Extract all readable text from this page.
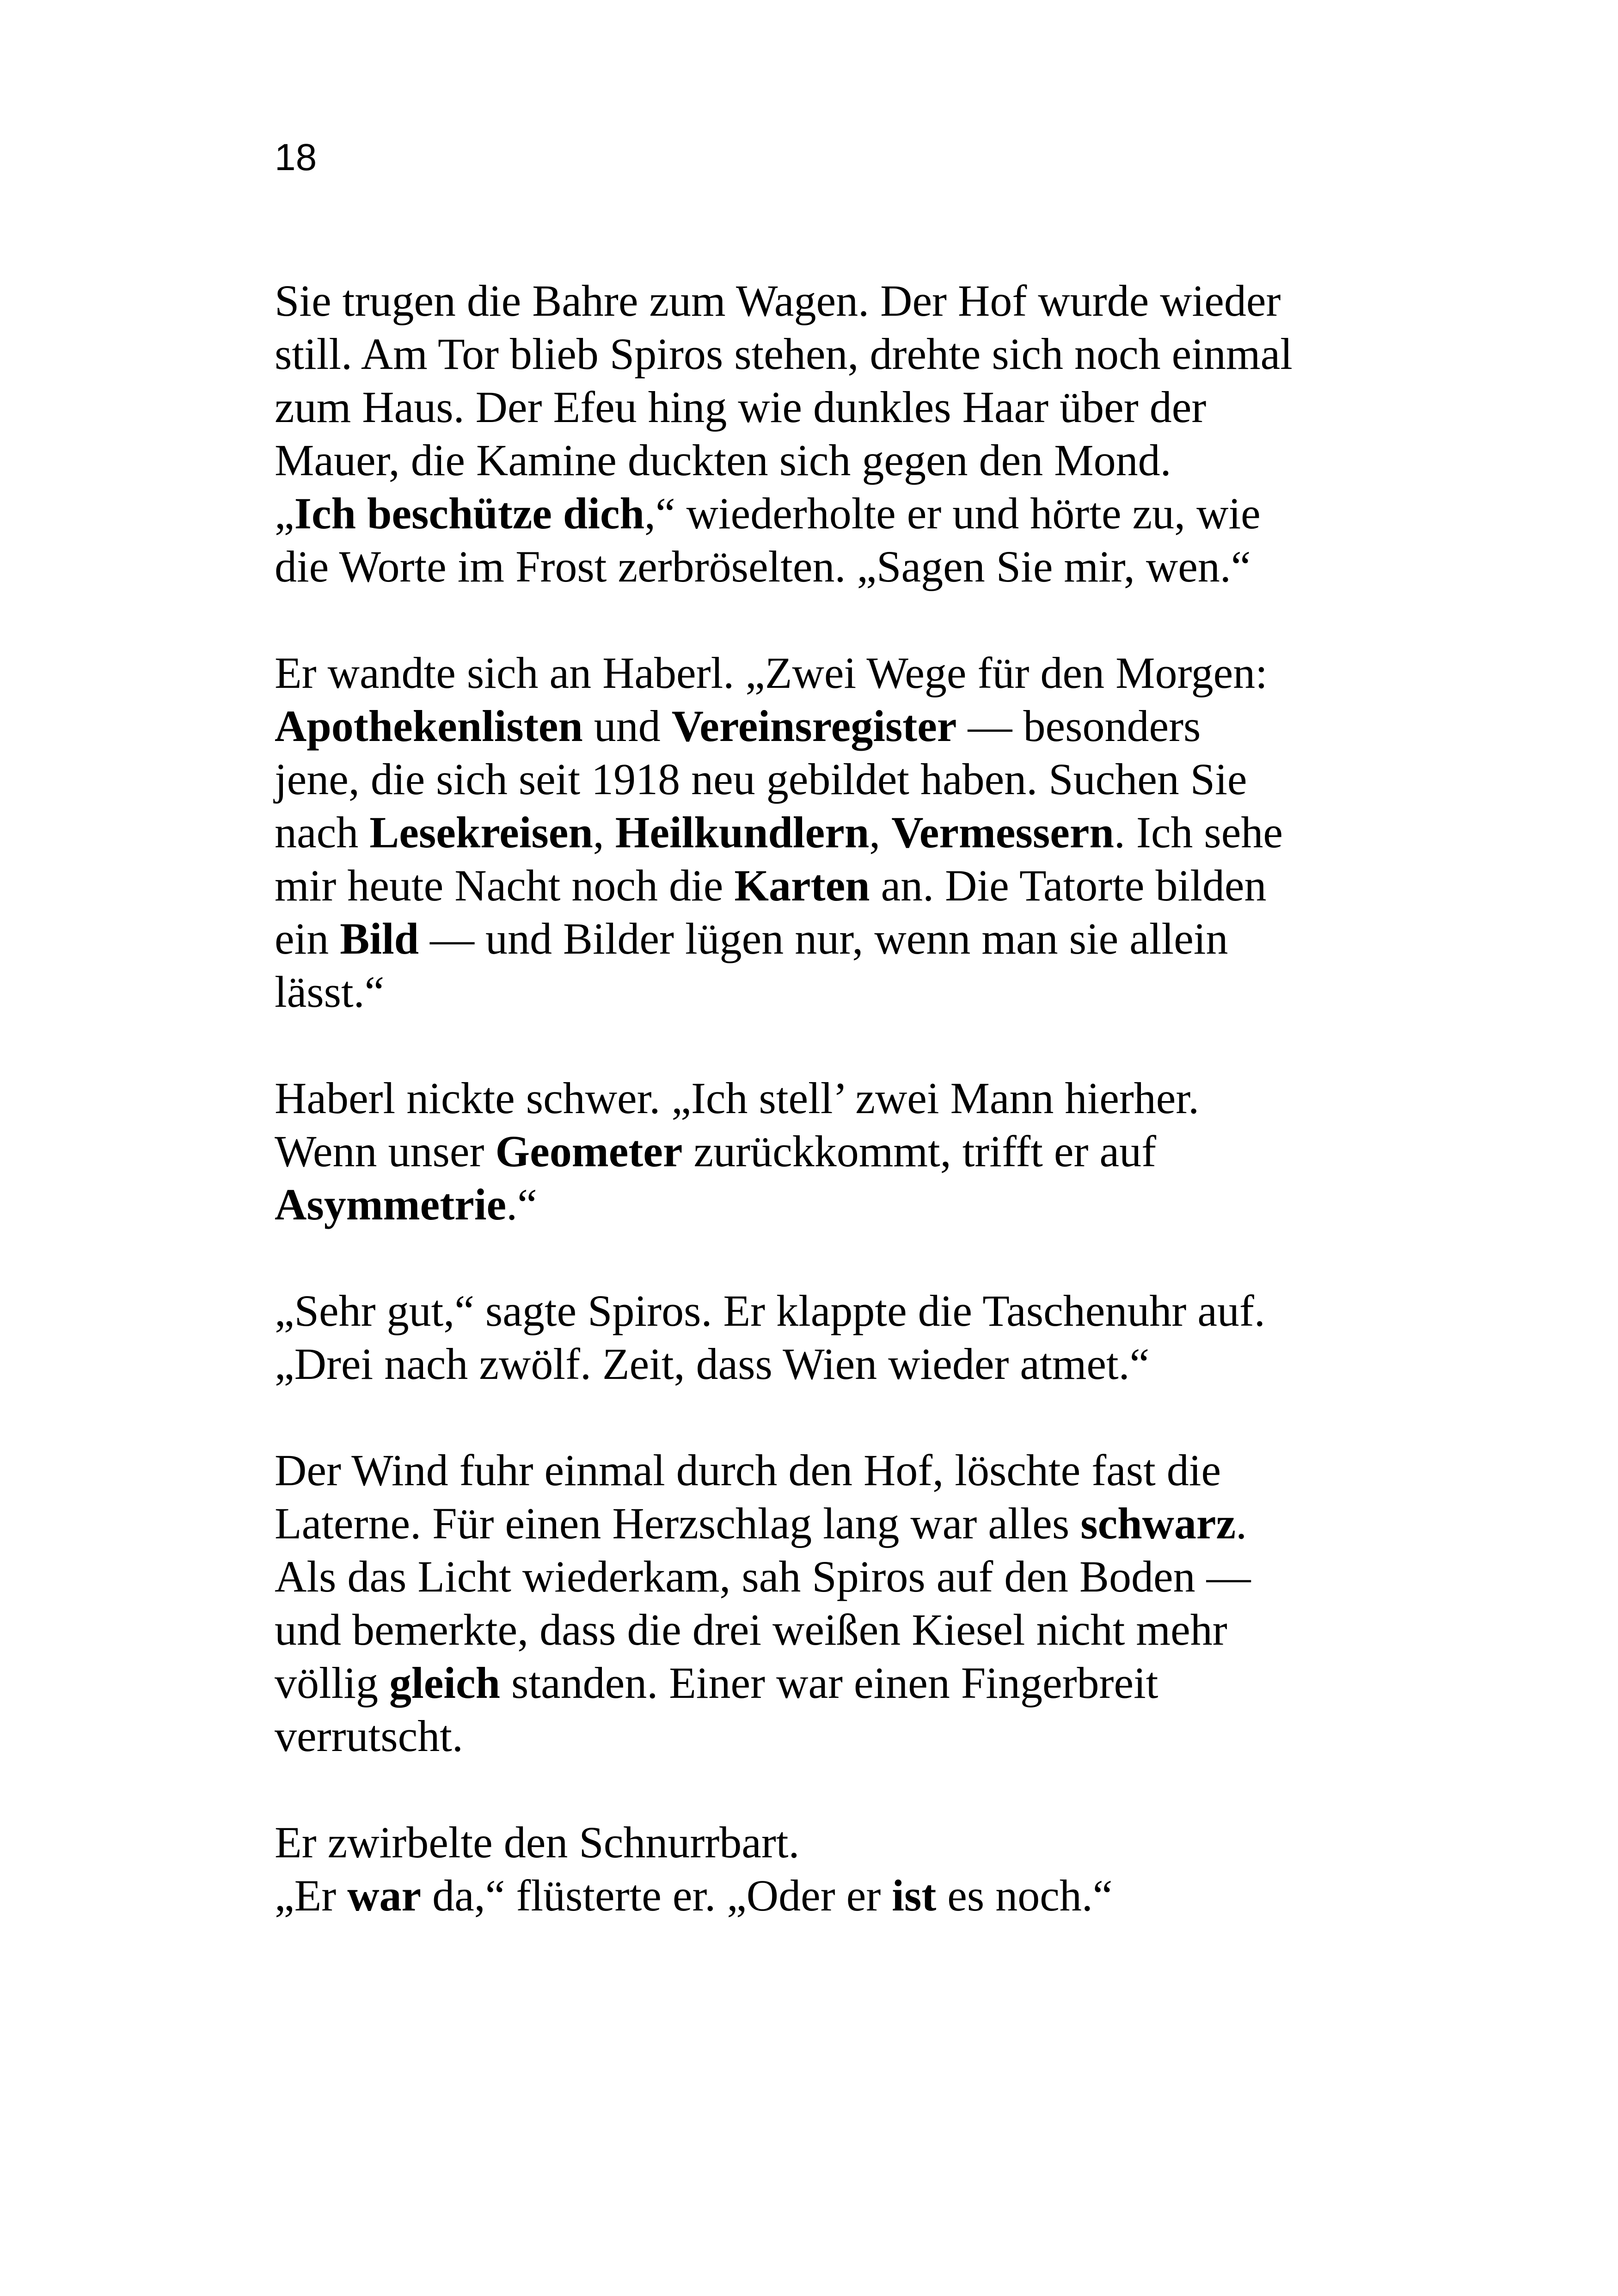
18

Sie trugen die Bahre zum Wagen. Der Hof wurde wieder
still. Am Tor blieb Spiros stehen, drehte sich noch einmal
zum Haus. Der Efeu hing wie dunkles Haar über der
Mauer, die Kamine duckten sich gegen den Mond.
„Ich beschütze dich,“ wiederholte er und hörte zu, wie
die Worte im Frost zerbröselten. „Sagen Sie mir, wen.“

Er wandte sich an Haberl. „Zwei Wege für den Morgen:
Apothekenlisten und Vereinsregister — besonders
jene, die sich seit 1918 neu gebildet haben. Suchen Sie
nach Lesekreisen, Heilkundlern, Vermessern. Ich sehe
mir heute Nacht noch die Karten an. Die Tatorte bilden
ein Bild — und Bilder lügen nur, wenn man sie allein
lässt.“

Haberl nickte schwer. „Ich stell’ zwei Mann hierher.
Wenn unser Geometer zurückkommt, trifft er auf
Asymmetrie.“

„Sehr gut,“ sagte Spiros. Er klappte die Taschenuhr auf.
„Drei nach zwölf. Zeit, dass Wien wieder atmet.“

Der Wind fuhr einmal durch den Hof, löschte fast die
Laterne. Für einen Herzschlag lang war alles schwarz.
Als das Licht wiederkam, sah Spiros auf den Boden —
und bemerkte, dass die drei weißen Kiesel nicht mehr
völlig gleich standen. Einer war einen Fingerbreit
verrutscht.

Er zwirbelte den Schnurrbart.
„Er war da,“ flüsterte er. „Oder er ist es noch.“
